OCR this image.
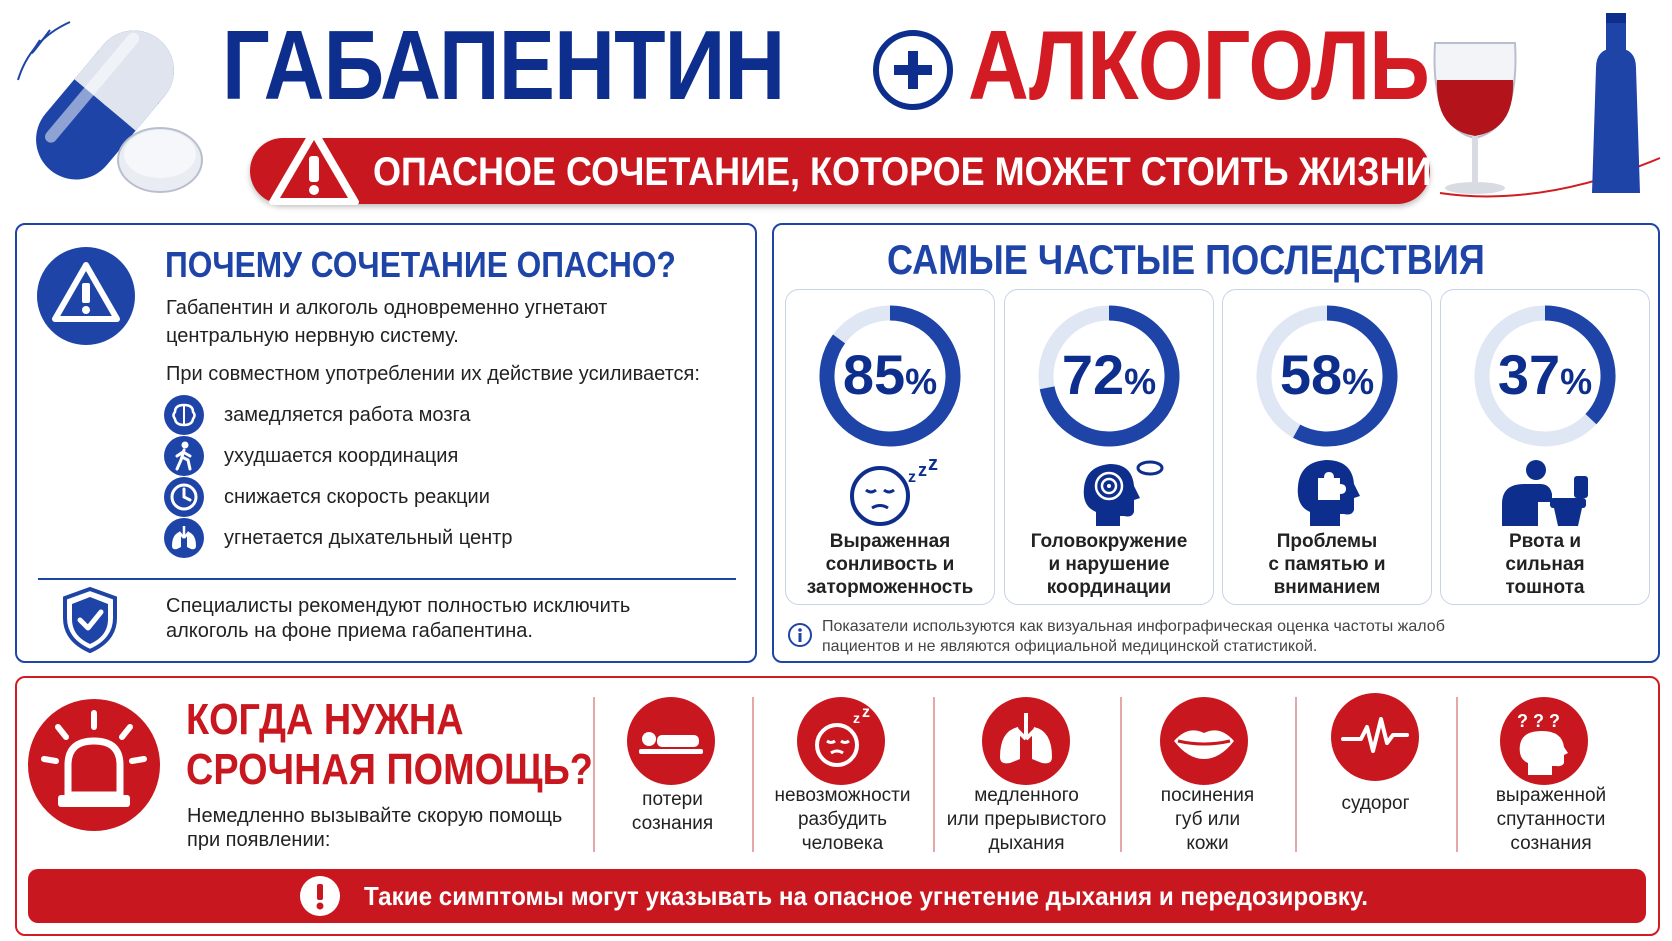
ГАБАПЕНТИН АЛКОГОЛЬ
ОПАСНОЕ СОЧЕТАНИЕ, КОТОРОЕ МОЖЕТ СТОИТЬ ЖИЗНИ
ПОЧЕМУ СОЧЕТАНИЕ ОПАСНО?
Габапентин и алкоголь одновременно угнетают
центральную нервную систему.
При совместном употреблении их действие усиливается:
замедляется работа мозга
ухудшается координация
снижается скорость реакции
угнетается дыхательный центр
Специалисты рекомендуют полностью исключить
алкоголь на фоне приема габапентина.
САМЫЕ ЧАСТЫЕ ПОСЛЕДСТВИЯ
85%
z z z
Выраженная
сонливость и
заторможенность
72%
Головокружение
и нарушение
координации
58%
Проблемы
с памятью и
вниманием
37%
Рвота и
сильная
тошнота
Показатели используются как визуальная инфографическая оценка частоты жалоб
пациентов и не являются официальной медицинской статистикой.
КОГДА НУЖНА
СРОЧНАЯ ПОМОЩЬ?
Немедленно вызывайте скорую помощь
при появлении:
потери
сознания
z z
невозможности
разбудить
человека
медленного
или прерывистого
дыхания
посинения
губ или
кожи
судорог
? ? ?
выраженной
спутанности
сознания
Такие симптомы могут указывать на опасное угнетение дыхания и передозировку.
